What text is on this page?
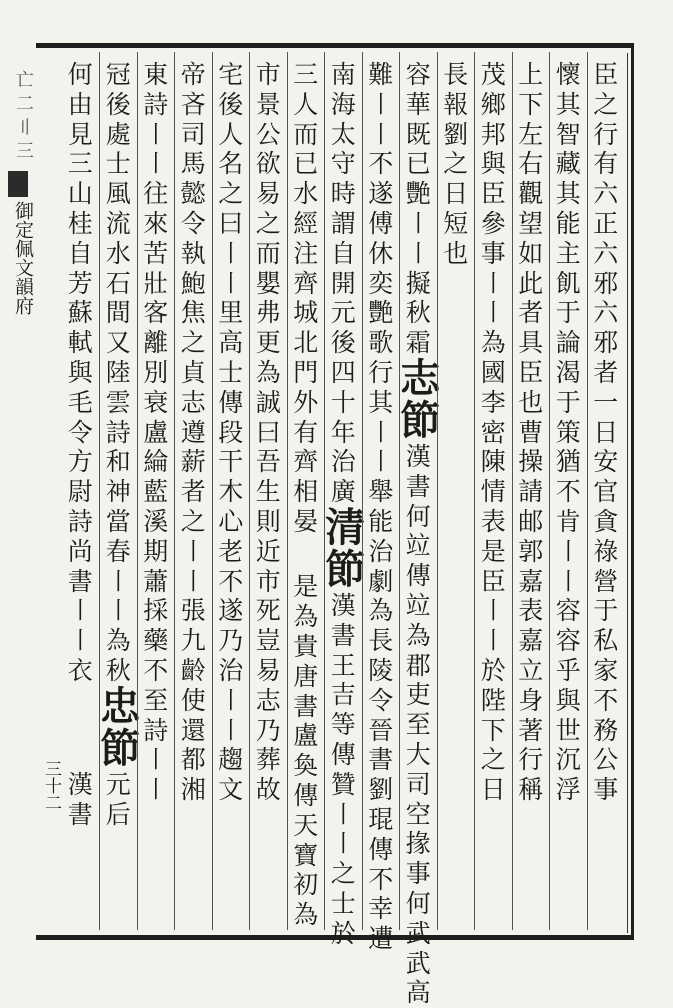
亡 二 〢 三
御定佩文韻府
三十二
臣
之
行
有
六
正
六
邪
六
邪
者
一
日
安
官
貪
祿
營
于
私
家
不
務
公
事
懷
其
智
藏
其
能
主
飢
于
論
渴
于
策
猶
不
肯
〡
〡
容
容
乎
與
世
沉
浮
上
下
左
右
觀
望
如
此
者
具
臣
也
曹
操
請
邮
郭
嘉
表
嘉
立
身
著
行
稱
茂
鄉
邦
與
臣
參
事
〡
〡
為
國
李
密
陳
情
表
是
臣
〡
〡
於
陛
下
之
日
長
報
劉
之
日
短
也
容
華
既
已
艷
〡
〡
擬
秋
霜
志
節
漢
書
何
竝
傳
竝
為
郡
吏
至
大
司
空
掾
事
何
武
武
高
難
〡
〡
不
遂
傅
休
奕
艷
歌
行
其
〡
〡
舉
能
治
劇
為
長
陵
令
晉
書
劉
琨
傳
不
幸
遭
南
海
太
守
時
謂
自
開
元
後
四
十
年
治
廣
清
節
漢
書
王
吉
等
傳
贊
〡
〡
之
士
於
三
人
而
已
水
經
注
齊
城
北
門
外
有
齊
相
晏
是
為
貴
唐
書
盧
奐
傳
天
寶
初
為
市
景
公
欲
易
之
而
嬰
弗
更
為
誠
曰
吾
生
則
近
市
死
豈
易
志
乃
葬
故
宅
後
人
名
之
曰
〡
〡
里
高
士
傳
段
干
木
心
老
不
遂
乃
治
〡
〡
趨
文
帝
吝
司
馬
懿
令
執
鮑
焦
之
貞
志
遵
薪
者
之
〡
〡
張
九
齡
使
還
都
湘
東
詩
〡
〡
往
來
苦
壯
客
離
別
衰
盧
綸
藍
溪
期
蕭
採
藥
不
至
詩
〡
〡
冠
後
處
士
風
流
水
石
間
又
陸
雲
詩
和
神
當
春
〡
〡
為
秋
忠
節
元
后
何
由
見
三
山
桂
自
芳
蘇
軾
與
毛
令
方
尉
詩
尚
書
〡
〡
衣
漢
書
